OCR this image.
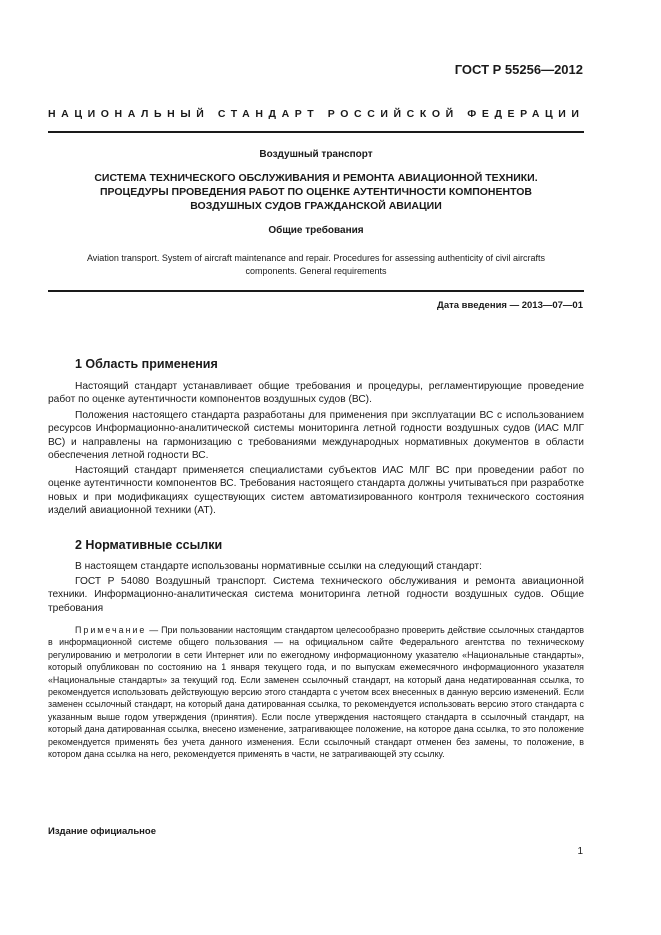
ГОСТ Р 55256—2012
НАЦИОНАЛЬНЫЙ СТАНДАРТ РОССИЙСКОЙ ФЕДЕРАЦИИ
Воздушный транспорт
СИСТЕМА ТЕХНИЧЕСКОГО ОБСЛУЖИВАНИЯ И РЕМОНТА АВИАЦИОННОЙ ТЕХНИКИ.
ПРОЦЕДУРЫ ПРОВЕДЕНИЯ РАБОТ ПО ОЦЕНКЕ АУТЕНТИЧНОСТИ КОМПОНЕНТОВ
ВОЗДУШНЫХ СУДОВ ГРАЖДАНСКОЙ АВИАЦИИ
Общие требования
Aviation transport. System of aircraft maintenance and repair. Procedures for assessing authenticity of civil aircrafts
components. General requirements
Дата введения — 2013—07—01
1 Область применения

Настоящий стандарт устанавливает общие требования и процедуры, регламентирующие проведение работ по оценке аутентичности компонентов воздушных судов (ВС).

Положения настоящего стандарта разработаны для применения при эксплуатации ВС с использованием ресурсов Информационно-аналитической системы мониторинга летной годности воздушных судов (ИАС МЛГ ВС) и направлены на гармонизацию с требованиями международных нормативных документов в области обеспечения летной годности ВС.

Настоящий стандарт применяется специалистами субъектов ИАС МЛГ ВС при проведении работ по оценке аутентичности компонентов ВС. Требования настоящего стандарта должны учитываться при разработке новых и при модификациях существующих систем автоматизированного контроля технического состояния изделий авиационной техники (АТ).

2 Нормативные ссылки

В настоящем стандарте использованы нормативные ссылки на следующий стандарт:

ГОСТ Р 54080 Воздушный транспорт. Система технического обслуживания и ремонта авиационной техники. Информационно-аналитическая система мониторинга летной годности воздушных судов. Общие требования

Примечание — При пользовании настоящим стандартом целесообразно проверить действие ссылочных стандартов в информационной системе общего пользования — на официальном сайте Федерального агентства по техническому регулированию и метрологии в сети Интернет или по ежегодному информационному указателю «Национальные стандарты», который опубликован по состоянию на 1 января текущего года, и по выпускам ежемесячного информационного указателя «Национальные стандарты» за текущий год. Если заменен ссылочный стандарт, на который дана недатированная ссылка, то рекомендуется использовать действующую версию этого стандарта с учетом всех внесенных в данную версию изменений. Если заменен ссылочный стандарт, на который дана датированная ссылка, то рекомендуется использовать версию этого стандарта с указанным выше годом утверждения (принятия). Если после утверждения настоящего стандарта в ссылочный стандарт, на который дана датированная ссылка, внесено изменение, затрагивающее положение, на которое дана ссылка, то это положение рекомендуется применять без учета данного изменения. Если ссылочный стандарт отменен без замены, то положение, в котором дана ссылка на него, рекомендуется применять в части, не затрагивающей эту ссылку.

Издание официальное
1
